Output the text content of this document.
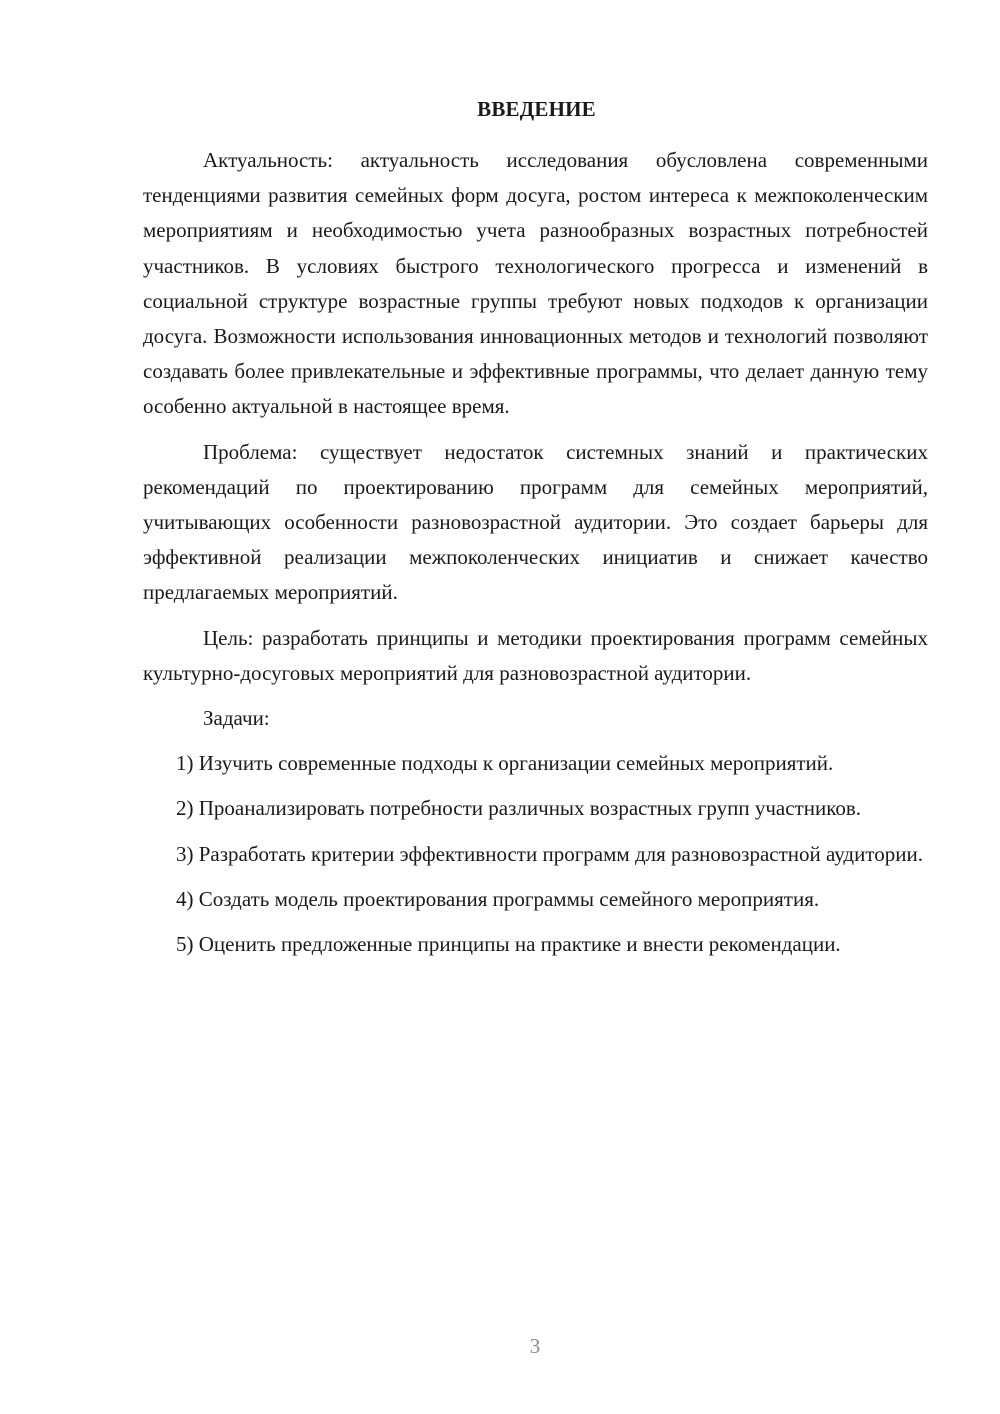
ВВЕДЕНИЕ

Актуальность: актуальность исследования обусловлена современными тенденциями развития семейных форм досуга, ростом интереса к межпоколенческим мероприятиям и необходимостью учета разнообразных возрастных потребностей участников. В условиях быстрого технологического прогресса и изменений в социальной структуре возрастные группы требуют новых подходов к организации досуга. Возможности использования инновационных методов и технологий позволяют создавать более привлекательные и эффективные программы, что делает данную тему особенно актуальной в настоящее время.

Проблема: существует недостаток системных знаний и практических рекомендаций по проектированию программ для семейных мероприятий, учитывающих особенности разновозрастной аудитории. Это создает барьеры для эффективной реализации межпоколенческих инициатив и снижает качество предлагаемых мероприятий.

Цель: разработать принципы и методики проектирования программ семейных культурно-досуговых мероприятий для разновозрастной аудитории.

Задачи:

1) Изучить современные подходы к организации семейных мероприятий.

2) Проанализировать потребности различных возрастных групп участников.

3) Разработать критерии эффективности программ для разновозрастной аудитории.

4) Создать модель проектирования программы семейного мероприятия.

5) Оценить предложенные принципы на практике и внести рекомендации.

3
